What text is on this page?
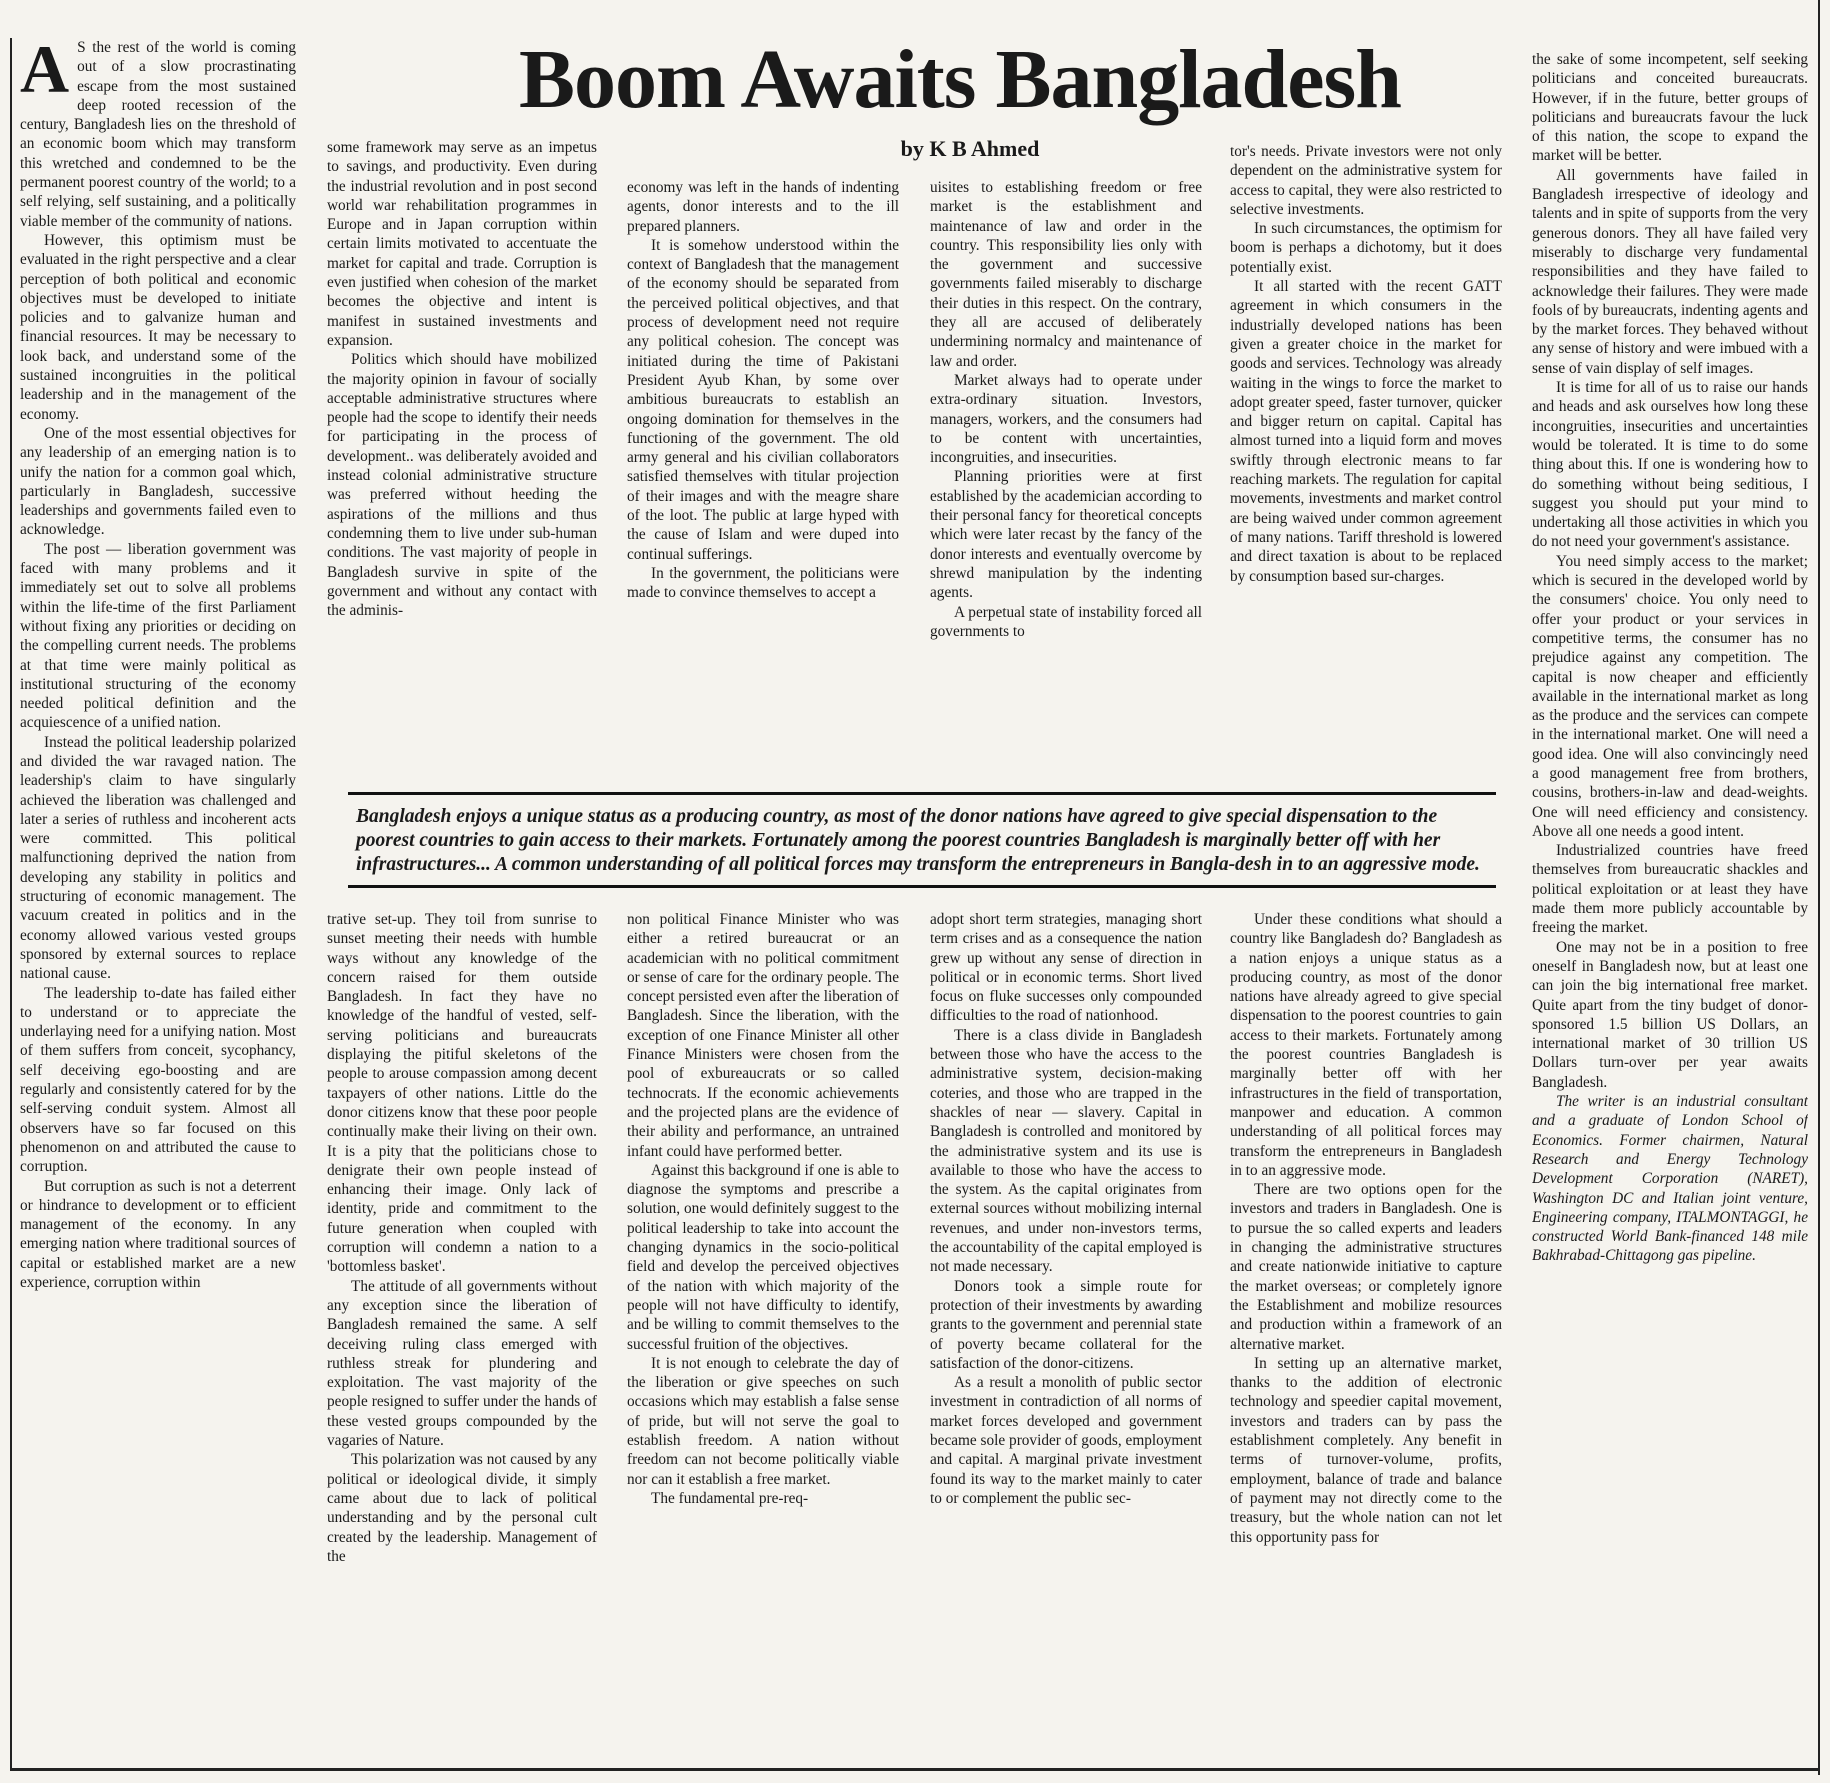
Boom Awaits Bangladesh
by K B Ahmed

A S the rest of the world is coming out of a slow procrastinating escape from the most sustained deep rooted recession of the century, Bangladesh lies on the threshold of an economic boom which may transform this wretched and condemned to be the permanent poorest country of the world; to a self relying, self sustaining, and a politically viable member of the community of nations.

However, this optimism must be evaluated in the right perspective and a clear perception of both political and economic objectives must be developed to initiate policies and to galvanize human and financial resources. It may be necessary to look back, and understand some of the sustained incongruities in the political leadership and in the management of the economy.

One of the most essential objectives for any leadership of an emerging nation is to unify the nation for a common goal which, particularly in Bangladesh, successive leaderships and governments failed even to acknowledge.

The post — liberation government was faced with many problems and it immediately set out to solve all problems within the life-time of the first Parliament without fixing any priorities or deciding on the compelling current needs. The problems at that time were mainly political as institutional structuring of the economy needed political definition and the acquiescence of a unified nation.

Instead the political leadership polarized and divided the war ravaged nation. The leadership's claim to have singularly achieved the liberation was challenged and later a series of ruthless and incoherent acts were committed. This political malfunctioning deprived the nation from developing any stability in politics and structuring of economic management. The vacuum created in politics and in the economy allowed various vested groups sponsored by external sources to replace national cause.

The leadership to-date has failed either to understand or to appreciate the underlaying need for a unifying nation. Most of them suffers from conceit, sycophancy, self deceiving ego-boosting and are regularly and consistently catered for by the self-serving conduit system. Almost all observers have so far focused on this phenomenon on and attributed the cause to corruption.

But corruption as such is not a deterrent or hindrance to development or to efficient management of the economy. In any emerging nation where traditional sources of capital or established market are a new experience, corruption within

some framework may serve as an impetus to savings, and productivity. Even during the industrial revolution and in post second world war rehabilitation programmes in Europe and in Japan corruption within certain limits motivated to accentuate the market for capital and trade. Corruption is even justified when cohesion of the market becomes the objective and intent is manifest in sustained investments and expansion.

Politics which should have mobilized the majority opinion in favour of socially acceptable administrative structures where people had the scope to identify their needs for participating in the process of development.. was deliberately avoided and instead colonial administrative structure was preferred without heeding the aspirations of the millions and thus condemning them to live under sub-human conditions. The vast majority of people in Bangladesh survive in spite of the government and without any contact with the adminis-

economy was left in the hands of indenting agents, donor interests and to the ill prepared planners.

It is somehow understood within the context of Bangladesh that the management of the economy should be separated from the perceived political objectives, and that process of development need not require any political cohesion. The concept was initiated during the time of Pakistani President Ayub Khan, by some over ambitious bureaucrats to establish an ongoing domination for themselves in the functioning of the government. The old army general and his civilian collaborators satisfied themselves with titular projection of their images and with the meagre share of the loot. The public at large hyped with the cause of Islam and were duped into continual sufferings.

In the government, the politicians were made to convince themselves to accept a

uisites to establishing freedom or free market is the establishment and maintenance of law and order in the country. This responsibility lies only with the government and successive governments failed miserably to discharge their duties in this respect. On the contrary, they all are accused of deliberately undermining normalcy and maintenance of law and order.

Market always had to operate under extra-ordinary situation. Investors, managers, workers, and the consumers had to be content with uncertainties, incongruities, and insecurities.

Planning priorities were at first established by the academician according to their personal fancy for theoretical concepts which were later recast by the fancy of the donor interests and eventually overcome by shrewd manipulation by the indenting agents.

A perpetual state of instability forced all governments to

tor's needs. Private investors were not only dependent on the administrative system for access to capital, they were also restricted to selective investments.

In such circumstances, the optimism for boom is perhaps a dichotomy, but it does potentially exist.

It all started with the recent GATT agreement in which consumers in the industrially developed nations has been given a greater choice in the market for goods and services. Technology was already waiting in the wings to force the market to adopt greater speed, faster turnover, quicker and bigger return on capital. Capital has almost turned into a liquid form and moves swiftly through electronic means to far reaching markets. The regulation for capital movements, investments and market control are being waived under common agreement of many nations. Tariff threshold is lowered and direct taxation is about to be replaced by consumption based sur-charges.

Bangladesh enjoys a unique status as a producing country, as most of the donor nations have agreed to give special dispensation to the poorest countries to gain access to their markets. Fortunately among the poorest countries Bangladesh is marginally better off with her infrastructures... A common understanding of all political forces may transform the entrepreneurs in Bangla-desh in to an aggressive mode.

trative set-up. They toil from sunrise to sunset meeting their needs with humble ways without any knowledge of the concern raised for them outside Bangladesh. In fact they have no knowledge of the handful of vested, self-serving politicians and bureaucrats displaying the pitiful skeletons of the people to arouse compassion among decent taxpayers of other nations. Little do the donor citizens know that these poor people continually make their living on their own. It is a pity that the politicians chose to denigrate their own people instead of enhancing their image. Only lack of identity, pride and commitment to the future generation when coupled with corruption will condemn a nation to a 'bottomless basket'.

The attitude of all governments without any exception since the liberation of Bangladesh remained the same. A self deceiving ruling class emerged with ruthless streak for plundering and exploitation. The vast majority of the people resigned to suffer under the hands of these vested groups compounded by the vagaries of Nature.

This polarization was not caused by any political or ideological divide, it simply came about due to lack of political understanding and by the personal cult created by the leadership. Management of the

non political Finance Minister who was either a retired bureaucrat or an academician with no political commitment or sense of care for the ordinary people. The concept persisted even after the liberation of Bangladesh. Since the liberation, with the exception of one Finance Minister all other Finance Ministers were chosen from the pool of exbureaucrats or so called technocrats. If the economic achievements and the projected plans are the evidence of their ability and performance, an untrained infant could have performed better.

Against this background if one is able to diagnose the symptoms and prescribe a solution, one would definitely suggest to the political leadership to take into account the changing dynamics in the socio-political field and develop the perceived objectives of the nation with which majority of the people will not have difficulty to identify, and be willing to commit themselves to the successful fruition of the objectives.

It is not enough to celebrate the day of the liberation or give speeches on such occasions which may establish a false sense of pride, but will not serve the goal to establish freedom. A nation without freedom can not become politically viable nor can it establish a free market.

The fundamental pre-req-

adopt short term strategies, managing short term crises and as a consequence the nation grew up without any sense of direction in political or in economic terms. Short lived focus on fluke successes only compounded difficulties to the road of nationhood.

There is a class divide in Bangladesh between those who have the access to the administrative system, decision-making coteries, and those who are trapped in the shackles of near — slavery. Capital in Bangladesh is controlled and monitored by the administrative system and its use is available to those who have the access to the system. As the capital originates from external sources without mobilizing internal revenues, and under non-investors terms, the accountability of the capital employed is not made necessary.

Donors took a simple route for protection of their investments by awarding grants to the government and perennial state of poverty became collateral for the satisfaction of the donor-citizens.

As a result a monolith of public sector investment in contradiction of all norms of market forces developed and government became sole provider of goods, employment and capital. A marginal private investment found its way to the market mainly to cater to or complement the public sec-

Under these conditions what should a country like Bangladesh do? Bangladesh as a nation enjoys a unique status as a producing country, as most of the donor nations have already agreed to give special dispensation to the poorest countries to gain access to their markets. Fortunately among the poorest countries Bangladesh is marginally better off with her infrastructures in the field of transportation, manpower and education. A common understanding of all political forces may transform the entrepreneurs in Bangladesh in to an aggressive mode.

There are two options open for the investors and traders in Bangladesh. One is to pursue the so called experts and leaders in changing the administrative structures and create nationwide initiative to capture the market overseas; or completely ignore the Establishment and mobilize resources and production within a framework of an alternative market.

In setting up an alternative market, thanks to the addition of electronic technology and speedier capital movement, investors and traders can by pass the establishment completely. Any benefit in terms of turnover-volume, profits, employment, balance of trade and balance of payment may not directly come to the treasury, but the whole nation can not let this opportunity pass for

the sake of some incompetent, self seeking politicians and conceited bureaucrats. However, if in the future, better groups of politicians and bureaucrats favour the luck of this nation, the scope to expand the market will be better.

All governments have failed in Bangladesh irrespective of ideology and talents and in spite of supports from the very generous donors. They all have failed very miserably to discharge very fundamental responsibilities and they have failed to acknowledge their failures. They were made fools of by bureaucrats, indenting agents and by the market forces. They behaved without any sense of history and were imbued with a sense of vain display of self images.

It is time for all of us to raise our hands and heads and ask ourselves how long these incongruities, insecurities and uncertainties would be tolerated. It is time to do some thing about this. If one is wondering how to do something without being seditious, I suggest you should put your mind to undertaking all those activities in which you do not need your government's assistance.

You need simply access to the market; which is secured in the developed world by the consumers' choice. You only need to offer your product or your services in competitive terms, the consumer has no prejudice against any competition. The capital is now cheaper and efficiently available in the international market as long as the produce and the services can compete in the international market. One will need a good idea. One will also convincingly need a good management free from brothers, cousins, brothers-in-law and dead-weights. One will need efficiency and consistency. Above all one needs a good intent.

Industrialized countries have freed themselves from bureaucratic shackles and political exploitation or at least they have made them more publicly accountable by freeing the market.

One may not be in a position to free oneself in Bangladesh now, but at least one can join the big international free market. Quite apart from the tiny budget of donor-sponsored 1.5 billion US Dollars, an international market of 30 trillion US Dollars turn-over per year awaits Bangladesh.

The writer is an industrial consultant and a graduate of London School of Economics. Former chairmen, Natural Research and Energy Technology Development Corporation (NARET), Washington DC and Italian joint venture, Engineering company, ITALMONTAGGI, he constructed World Bank-financed 148 mile Bakhrabad-Chittagong gas pipeline.
